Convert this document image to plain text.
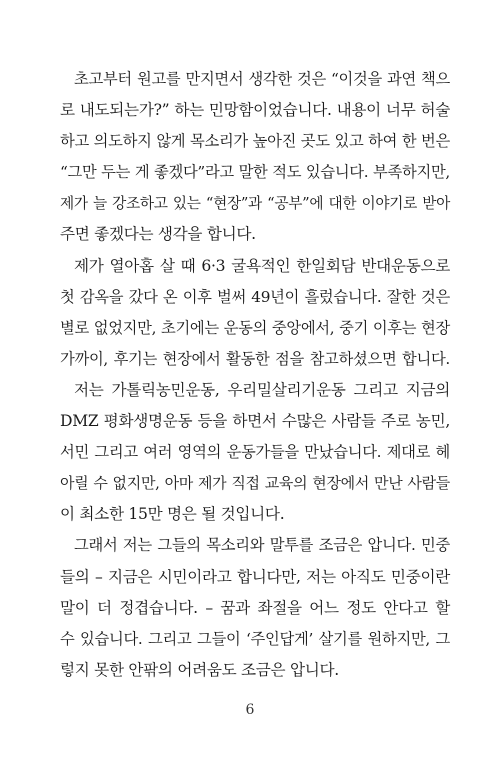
초고부터 원고를 만지면서 생각한 것은 “이것을 과연 책으
로 내도되는가?” 하는 민망함이었습니다. 내용이 너무 허술
하고 의도하지 않게 목소리가 높아진 곳도 있고 하여 한 번은
“그만 두는 게 좋겠다”라고 말한 적도 있습니다. 부족하지만,
제가 늘 강조하고 있는 “현장”과 “공부”에 대한 이야기로 받아
주면 좋겠다는 생각을 합니다.
제가 열아홉 살 때 6·3 굴욕적인 한일회담 반대운동으로
첫 감옥을 갔다 온 이후 벌써 49년이 흘렀습니다. 잘한 것은
별로 없었지만, 초기에는 운동의 중앙에서, 중기 이후는 현장
가까이, 후기는 현장에서 활동한 점을 참고하셨으면 합니다.
저는 가톨릭농민운동, 우리밀살리기운동 그리고 지금의
DMZ 평화생명운동 등을 하면서 수많은 사람들 주로 농민,
서민 그리고 여러 영역의 운동가들을 만났습니다. 제대로 헤
아릴 수 없지만, 아마 제가 직접 교육의 현장에서 만난 사람들
이 최소한 15만 명은 될 것입니다.
그래서 저는 그들의 목소리와 말투를 조금은 압니다. 민중
들의 – 지금은 시민이라고 합니다만, 저는 아직도 민중이란
말이 더 정겹습니다. – 꿈과 좌절을 어느 정도 안다고 할
수 있습니다. 그리고 그들이 ‘주인답게’ 살기를 원하지만, 그
렇지 못한 안팎의 어려움도 조금은 압니다.
6
